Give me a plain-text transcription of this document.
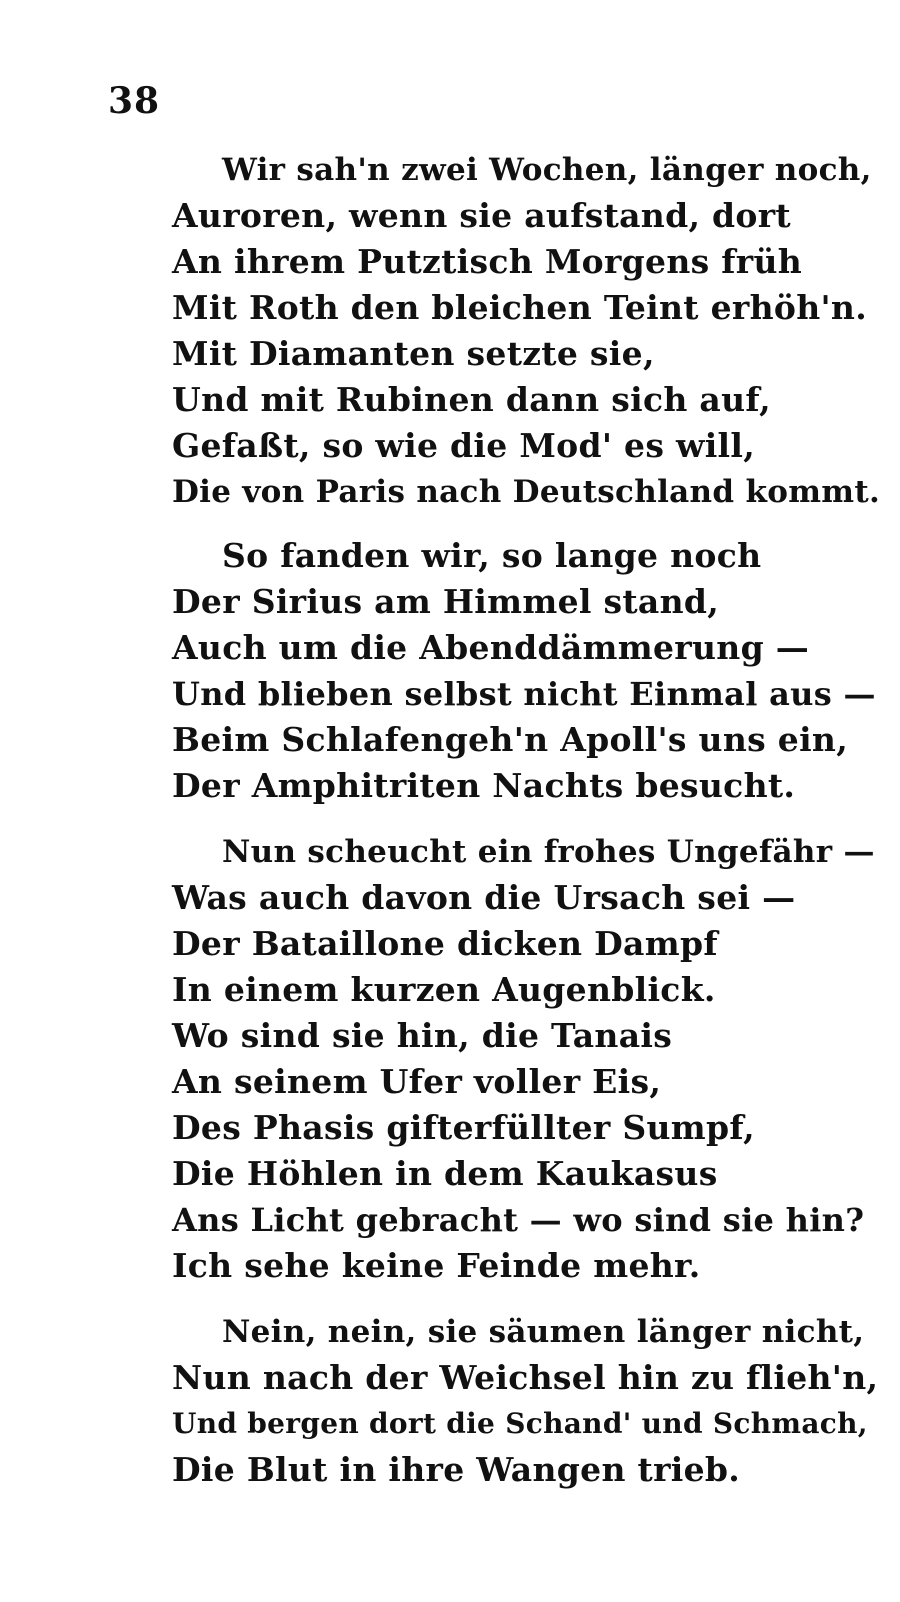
38
Wir sah'n zwei Wochen, länger noch,
Auroren, wenn sie aufstand, dort
An ihrem Putztisch Morgens früh
Mit Roth den bleichen Teint erhöh'n.
Mit Diamanten setzte sie,
Und mit Rubinen dann sich auf,
Gefaßt, so wie die Mod' es will,
Die von Paris nach Deutschland kommt.
So fanden wir, so lange noch
Der Sirius am Himmel stand,
Auch um die Abenddämmerung —
Und blieben selbst nicht Einmal aus —
Beim Schlafengeh'n Apoll's uns ein,
Der Amphitriten Nachts besucht.
Nun scheucht ein frohes Ungefähr —
Was auch davon die Ursach sei —
Der Bataillone dicken Dampf
In einem kurzen Augenblick.
Wo sind sie hin, die Tanais
An seinem Ufer voller Eis,
Des Phasis gifterfüllter Sumpf,
Die Höhlen in dem Kaukasus
Ans Licht gebracht — wo sind sie hin?
Ich sehe keine Feinde mehr.
Nein, nein, sie säumen länger nicht,
Nun nach der Weichsel hin zu flieh'n,
Und bergen dort die Schand' und Schmach,
Die Blut in ihre Wangen trieb.
